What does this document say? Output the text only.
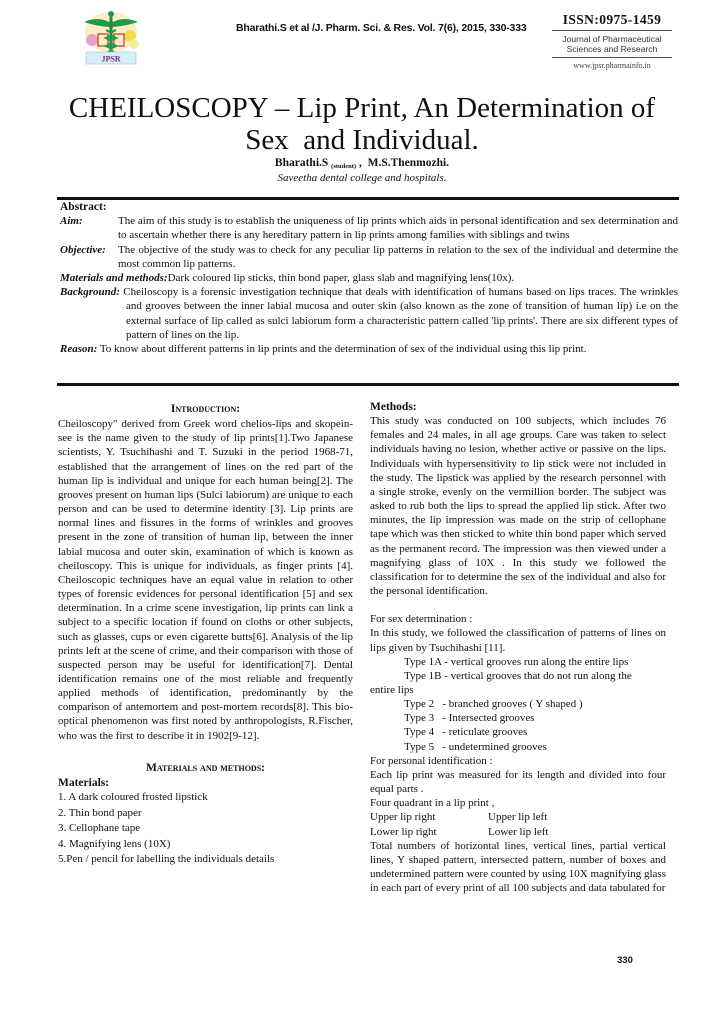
JPSR
Bharathi.S et al /J. Pharm. Sci. & Res. Vol. 7(6), 2015, 330-333
ISSN:0975-1459
Journal of Pharmaceutical
Sciences and Research
www.jpsr.pharmainfo.in
CHEILOSCOPY – Lip Print, An Determination of
Sex  and Individual.
Bharathi.S $_{(student)}$ ,  M.S.Thenmozhi.
Saveetha dental college and hospitals.
Abstract:
Aim:	The aim of this study is to establish the uniqueness of lip prints which aids in personal identification and sex determination and to ascertain whether there is any hereditary pattern in lip prints among families with siblings and twins
Objective: The objective of the study was to check for any peculiar lip patterns in relation to the sex of the individual and determine the most common lip patterns.
Materials and methods:Dark coloured lip sticks, thin bond paper, glass slab and magnifying lens(10x).
Background: Cheiloscopy is a forensic investigation technique that deals with identification of humans based on lips traces. The wrinkles and grooves between the inner labial mucosa and outer skin (also known as the zone of transition of human lip) i.e on the external surface of lip called as sulci labiorum form a characteristic pattern called 'lip prints'. There are six different types of pattern of lines on the lip.
Reason: To know about different patterns in lip prints and the determination of sex of the individual using this lip print.
Introduction:

Cheiloscopy" derived from Greek word chelios-lips and skopein-see is the name given to the study of lip prints[1].Two Japanese scientists, Y. Tsuchihashi and T. Suzuki in the period 1968-71, established that the arrangement of lines on the red part of the human lip is individual and unique for each human being[2]. The grooves present on human lips (Sulci labiorum) are unique to each person and can be used to determine identity [3]. Lip prints are normal lines and fissures in the forms of wrinkles and grooves present in the zone of transition of human lip, between the inner labial mucosa and outer skin, examination of which is known as cheiloscopy. This is unique for individuals, as finger prints [4]. Cheiloscopic techniques have an equal value in relation to other types of forensic evidences for personal identification [5] and sex determination. In a crime scene investigation, lip prints can link a subject to a specific location if found on cloths or other subjects, such as glasses, cups or even cigarette butts[6]. Analysis of the lip prints left at the scene of crime, and their comparison with those of suspected person may be useful for identification[7]. Dental identification remains one of the most reliable and frequently applied methods of identification, predominantly by the comparison of antemortem and post-mortem records[8]. This bio-optical phenomenon was first noted by anthropologists, R.Fischer, who was the first to describe it in 1902[9-12].

Materials and methods:
Materials:
1. A dark coloured frosted lipstick
2. Thin bond paper
3. Cellophane tape
4. Magnifying lens (10X)
5.Pen / pencil for labelling the individuals details
Methods:

This study was conducted on 100 subjects, which includes 76 females and 24 males, in all age groups. Care was taken to select individuals having no lesion, whether active or passive on the lips. Individuals with hypersensitivity to lip stick were not included in the study. The lipstick was applied by the research personnel with a single stroke, evenly on the vermillion border. The subject was asked to rub both the lips to spread the applied lip stick. After two minutes, the lip impression was made on the strip of cellophane tape which was then sticked to white thin bond paper which served as the permanent record. The impression was then viewed under a magnifying glass of 10X . In this study we followed the classification for to determine the sex of the individual and also for the personal identification.

For sex determination :

In this study, we followed the classification of patterns of lines on lips given by Tsuchihashi [11].

Type 1A - vertical grooves run along the entire lips
Type 1B - vertical grooves that do not run along the
entire lips
Type 2   - branched grooves ( Y shaped )
Type 3   - Intersected grooves
Type 4   - reticulate grooves
Type 5   - undetermined grooves
For personal identification :

Each lip print was measured for its length and divided into four equal parts .

Four quadrant in a lip print ,
Upper lip right	Upper lip left
Lower lip right	Lower lip left

Total numbers of horizontal lines, vertical lines, partial vertical lines, Y shaped pattern, intersected pattern, number of boxes and undetermined pattern were counted by using 10X magnifying glass in each part of every print of all 100 subjects and data tabulated for

330
